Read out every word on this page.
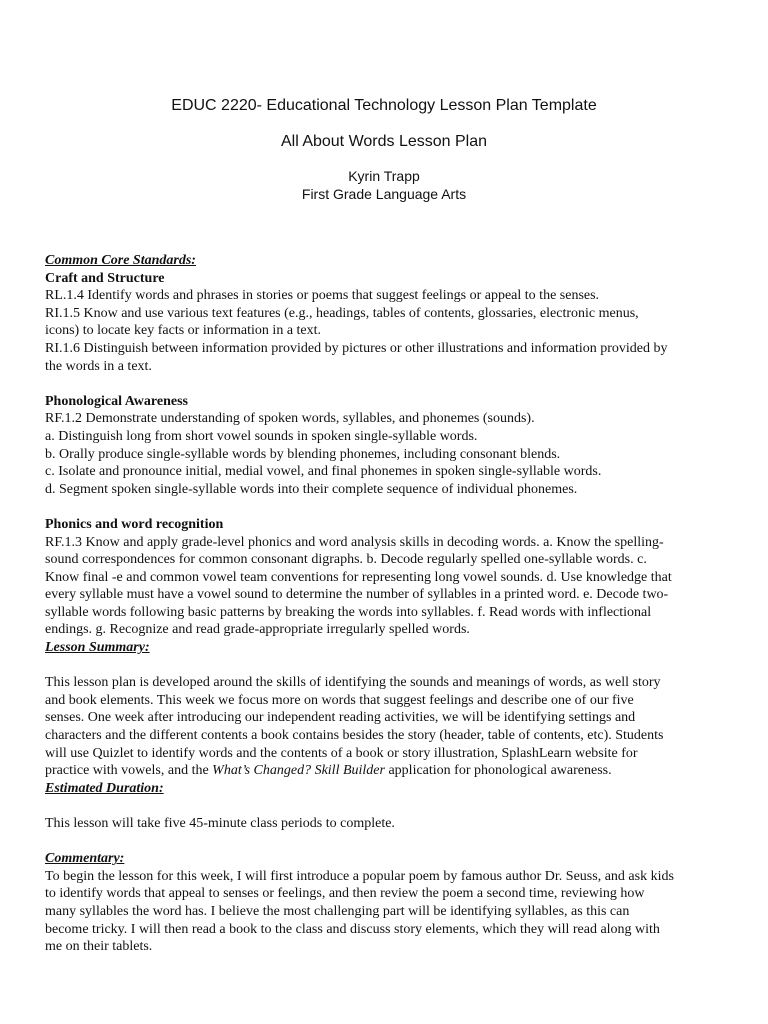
EDUC 2220- Educational Technology Lesson Plan Template
All About Words Lesson Plan
Kyrin Trapp
First Grade Language Arts

Common Core Standards:

Craft and Structure

RL.1.4 Identify words and phrases in stories or poems that suggest feelings or appeal to the senses.

RI.1.5 Know and use various text features (e.g., headings, tables of contents, glossaries, electronic menus,

icons) to locate key facts or information in a text.

RI.1.6 Distinguish between information provided by pictures or other illustrations and information provided by

the words in a text.

Phonological Awareness

RF.1.2 Demonstrate understanding of spoken words, syllables, and phonemes (sounds).

a. Distinguish long from short vowel sounds in spoken single-syllable words.

b. Orally produce single-syllable words by blending phonemes, including consonant blends.

c. Isolate and pronounce initial, medial vowel, and final phonemes in spoken single-syllable words.

d. Segment spoken single-syllable words into their complete sequence of individual phonemes.

Phonics and word recognition

RF.1.3 Know and apply grade-level phonics and word analysis skills in decoding words. a. Know the spelling-

sound correspondences for common consonant digraphs. b. Decode regularly spelled one-syllable words. c.

Know final -e and common vowel team conventions for representing long vowel sounds. d. Use knowledge that

every syllable must have a vowel sound to determine the number of syllables in a printed word. e. Decode two-

syllable words following basic patterns by breaking the words into syllables. f. Read words with inflectional

endings. g. Recognize and read grade-appropriate irregularly spelled words.

Lesson Summary:

This lesson plan is developed around the skills of identifying the sounds and meanings of words, as well story

and book elements. This week we focus more on words that suggest feelings and describe one of our five

senses. One week after introducing our independent reading activities, we will be identifying settings and

characters and the different contents a book contains besides the story (header, table of contents, etc). Students

will use Quizlet to identify words and the contents of a book or story illustration, SplashLearn website for

practice with vowels, and the What’s Changed? Skill Builder application for phonological awareness.

Estimated Duration:

This lesson will take five 45-minute class periods to complete.

Commentary:

To begin the lesson for this week, I will first introduce a popular poem by famous author Dr. Seuss, and ask kids

to identify words that appeal to senses or feelings, and then review the poem a second time, reviewing how

many syllables the word has. I believe the most challenging part will be identifying syllables, as this can

become tricky. I will then read a book to the class and discuss story elements, which they will read along with

me on their tablets.
